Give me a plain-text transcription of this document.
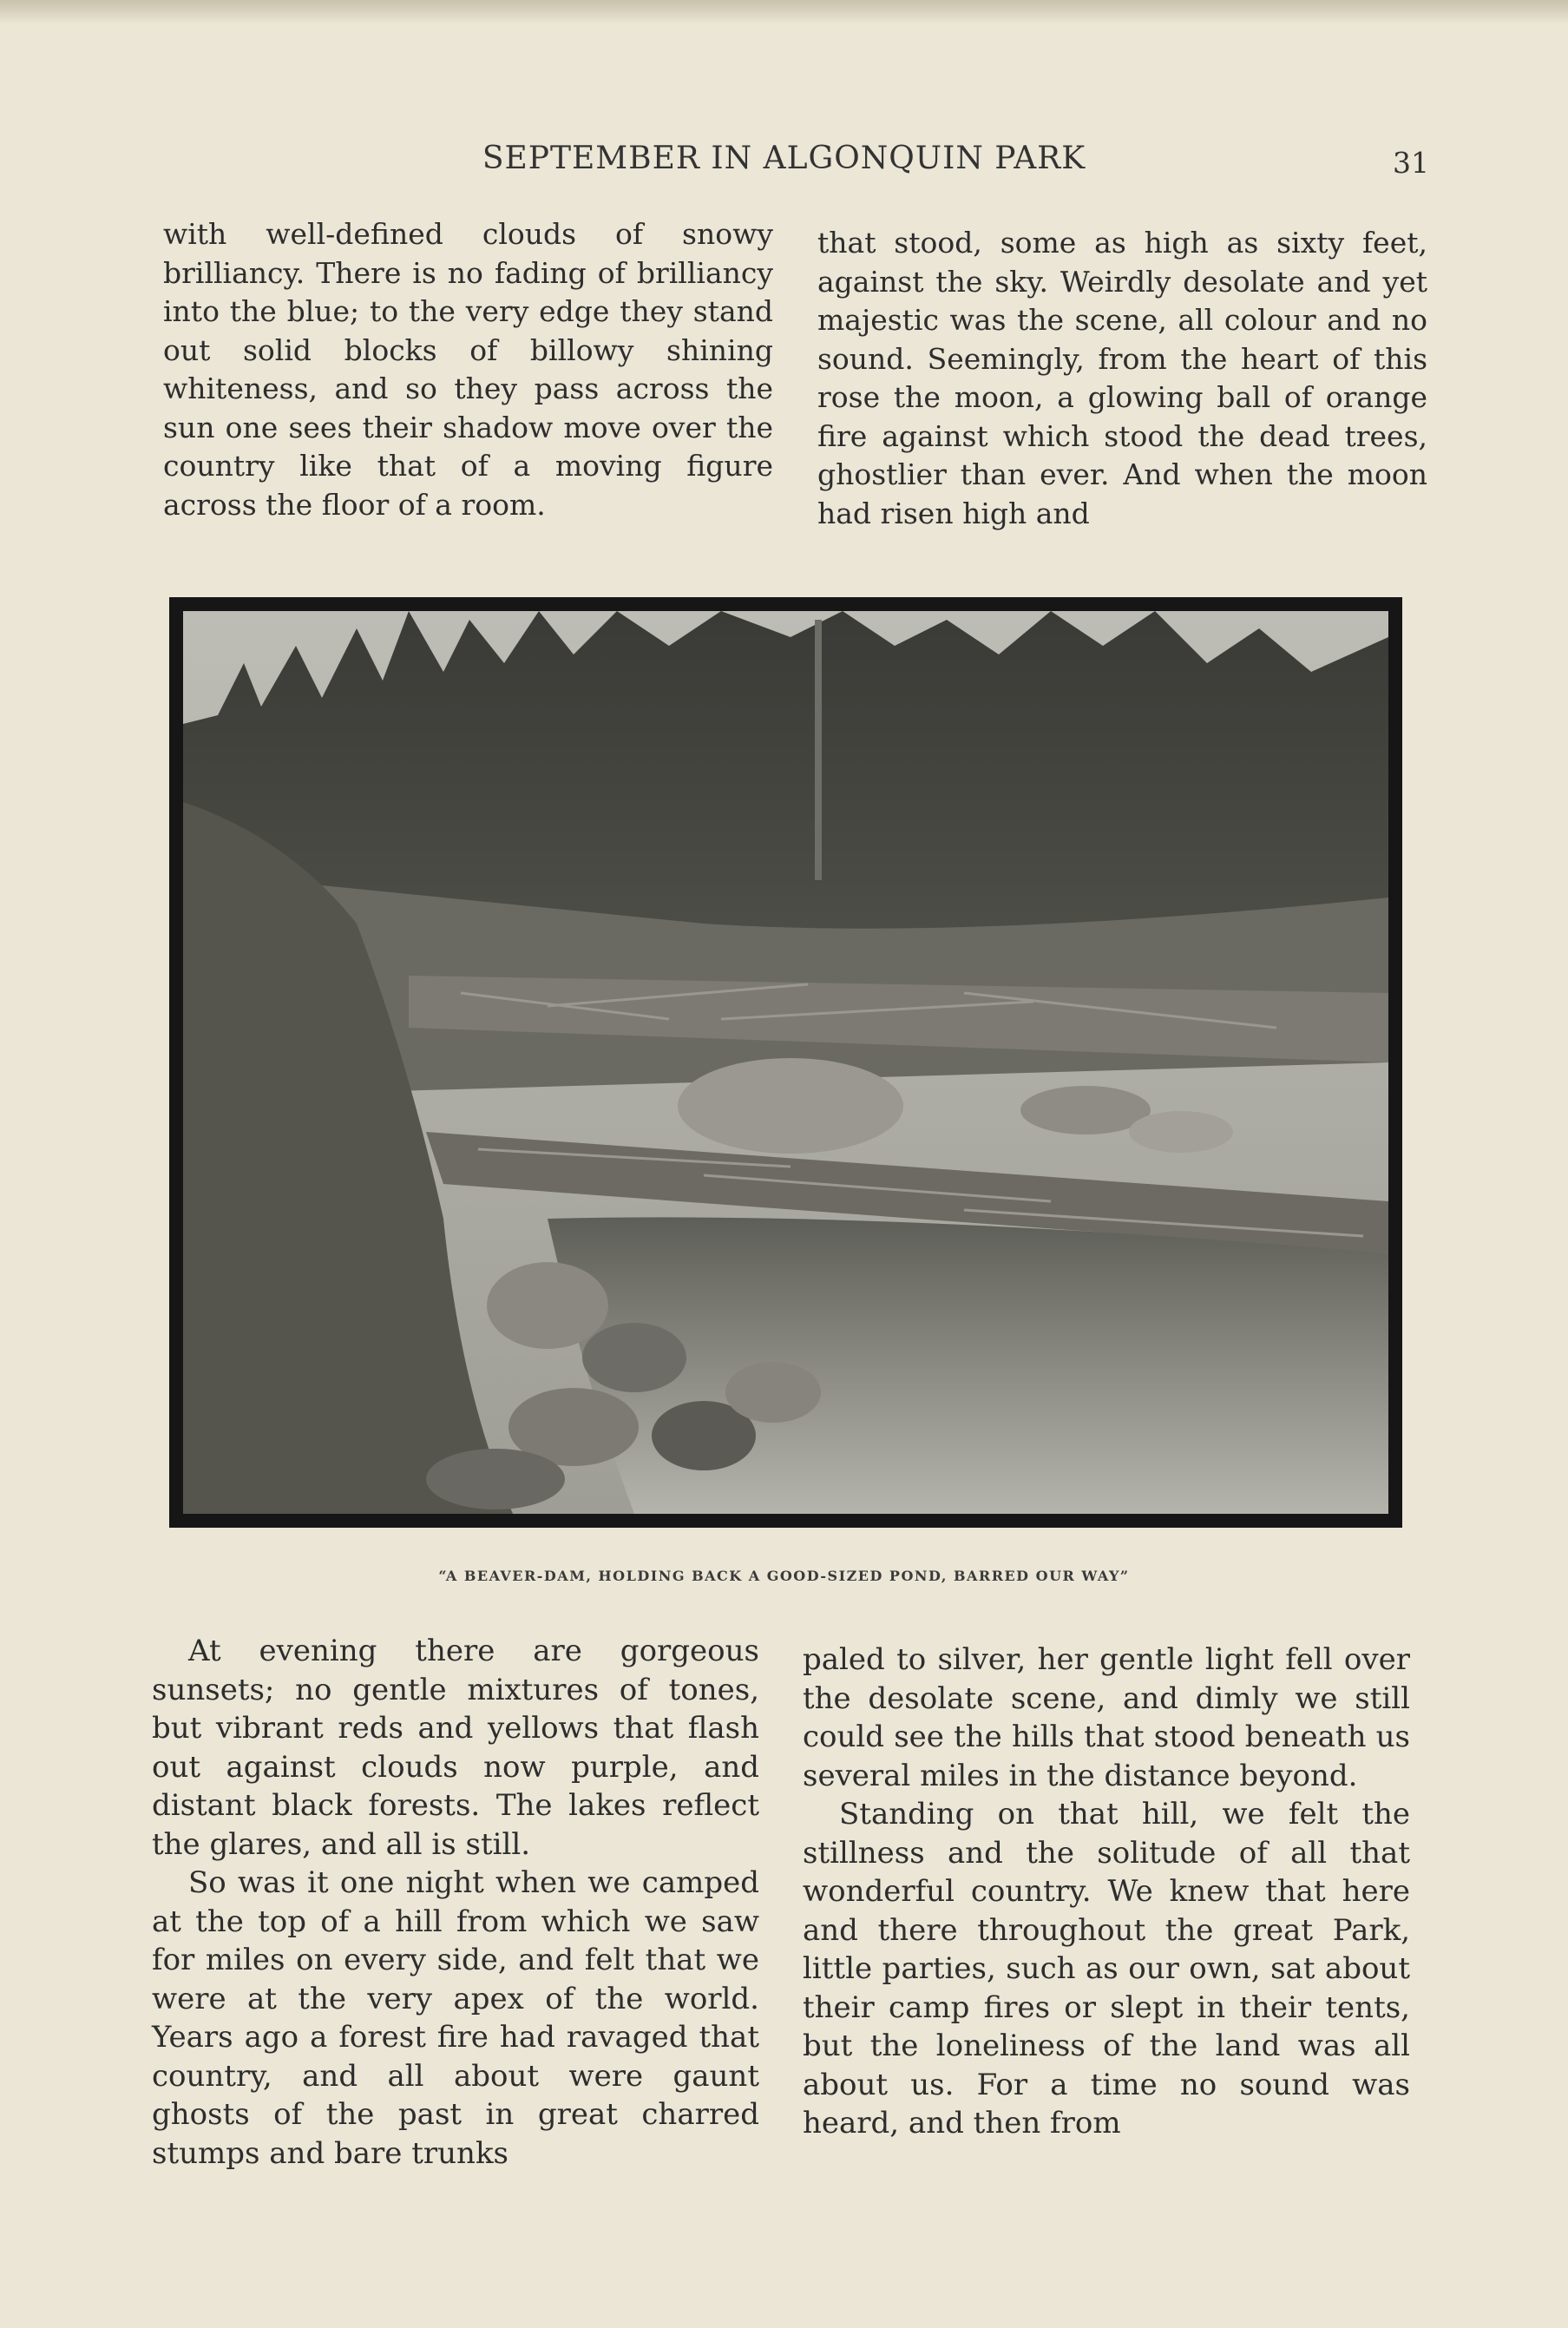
SEPTEMBER IN ALGONQUIN PARK	31

with well-defined clouds of snowy brilliancy. There is no fading of brilliancy into the blue; to the very edge they stand out solid blocks of billowy shining whiteness, and so they pass across the sun one sees their shadow move over the country like that of a moving figure across the floor of a room.

that stood, some as high as sixty feet, against the sky. Weirdly desolate and yet majestic was the scene, all colour and no sound. Seemingly, from the heart of this rose the moon, a glowing ball of orange fire against which stood the dead trees, ghostlier than ever. And when the moon had risen high and

“A BEAVER-DAM, HOLDING BACK A GOOD-SIZED POND, BARRED OUR WAY”

At evening there are gorgeous sunsets; no gentle mixtures of tones, but vibrant reds and yellows that flash out against clouds now purple, and distant black forests. The lakes reflect the glares, and all is still.

So was it one night when we camped at the top of a hill from which we saw for miles on every side, and felt that we were at the very apex of the world. Years ago a forest fire had ravaged that country, and all about were gaunt ghosts of the past in great charred stumps and bare trunks

paled to silver, her gentle light fell over the desolate scene, and dimly we still could see the hills that stood beneath us several miles in the distance beyond.

Standing on that hill, we felt the stillness and the solitude of all that wonderful country. We knew that here and there throughout the great Park, little parties, such as our own, sat about their camp fires or slept in their tents, but the loneliness of the land was all about us. For a time no sound was heard, and then from
